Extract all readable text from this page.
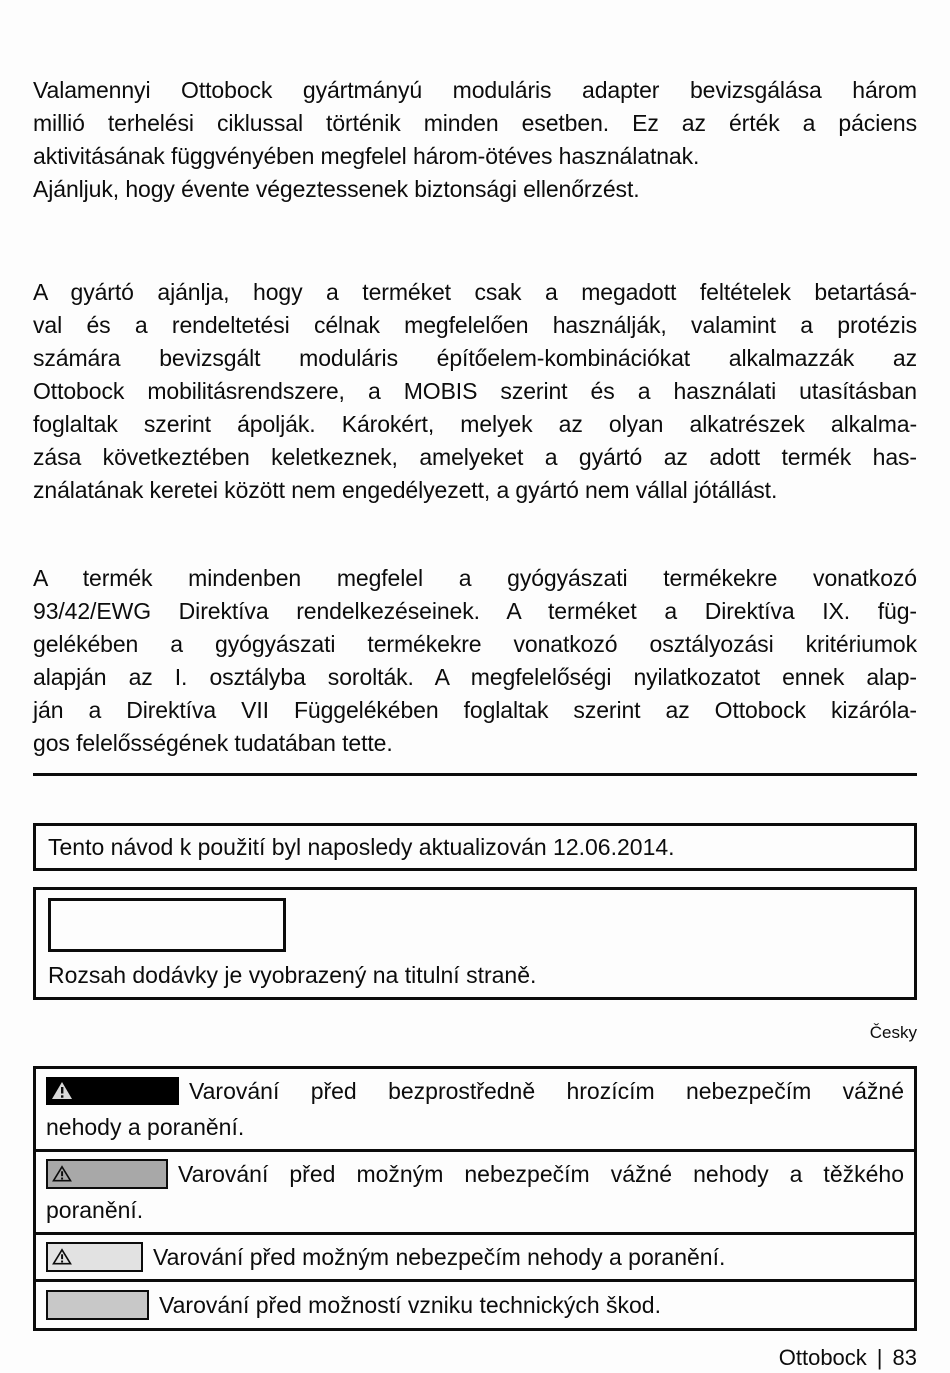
Valamennyi Ottobock gyártmányú moduláris adapter bevizsgálása három
millió terhelési ciklussal történik minden esetben. Ez az érték a páciens
aktivitásának függvényében megfelel három-ötéves használatnak.
Ajánljuk, hogy évente végeztessenek biztonsági ellenőrzést.
A gyártó ajánlja, hogy a terméket csak a megadott feltételek betartásá-
val és a rendeltetési célnak megfelelően használják, valamint a protézis
számára bevizsgált moduláris építőelem-kombinációkat alkalmazzák az
Ottobock mobilitásrendszere, a MOBIS szerint és a használati utasításban
foglaltak szerint ápolják. Károkért, melyek az olyan alkatrészek alkalma-
zása következtében keletkeznek, amelyeket a gyártó az adott termék has-
ználatának keretei között nem engedélyezett, a gyártó nem vállal jótállást.
A termék mindenben megfelel a gyógyászati termékekre vonatkozó
93/42/EWG Direktíva rendelkezéseinek. A terméket a Direktíva IX. füg-
gelékében a gyógyászati termékekre vonatkozó osztályozási kritériumok
alapján az I. osztályba sorolták. A megfelelőségi nyilatkozatot ennek alap-
ján a Direktíva VII Függelékében foglaltak szerint az Ottobock kizáróla-
gos felelősségének tudatában tette.
Tento návod k použití byl naposledy aktualizován 12.06.2014.
Rozsah dodávky je vyobrazený na titulní straně.
Česky
Varování před bezprostředně hrozícím nebezpečím vážné
nehody a poranění.
Varování před možným nebezpečím vážné nehody a těžkého
poranění.
Varování před možným nebezpečím nehody a poranění.
Varování před možností vzniku technických škod.
Ottobock | 83
